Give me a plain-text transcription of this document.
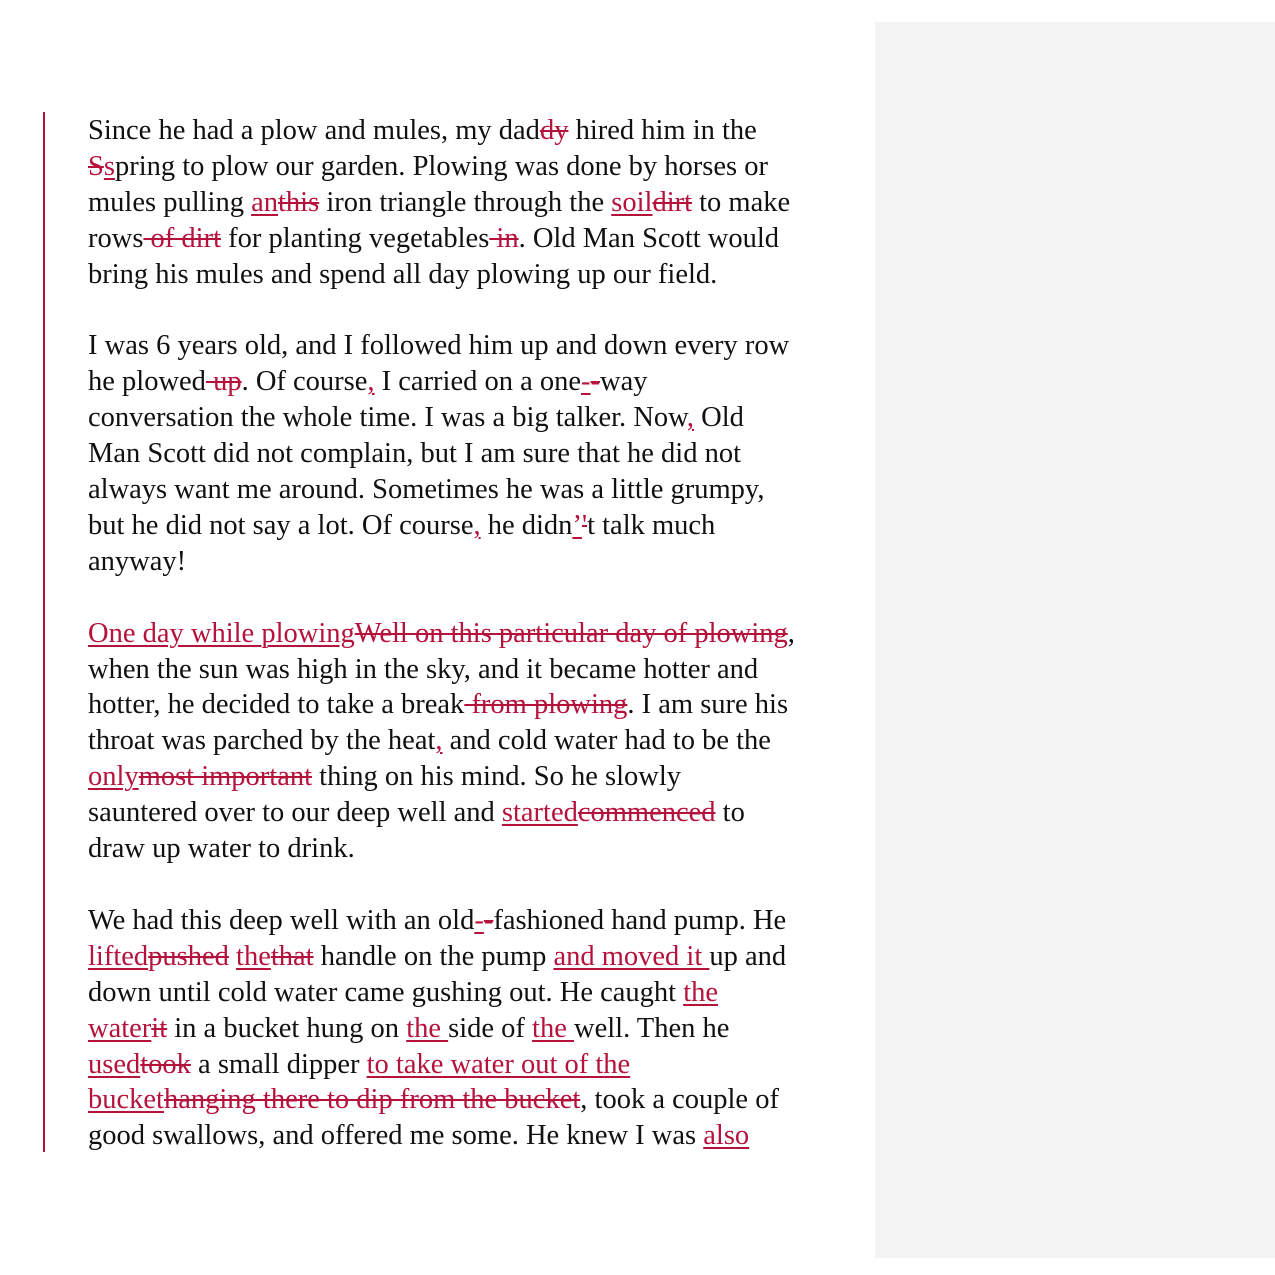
Since he had a plow and mules, my daddy hired him in the
Sspring to plow our garden. Plowing was done by horses or
mules pulling anthis iron triangle through the soildirt to make
rows of dirt for planting vegetables in. Old Man Scott would
bring his mules and spend all day plowing up our field.
I was 6 years old, and I followed him up and down every row
he plowed up. Of course, I carried on a one--way
conversation the whole time. I was a big talker. Now, Old
Man Scott did not complain, but I am sure that he did not
always want me around. Sometimes he was a little grumpy,
but he did not say a lot. Of course, he didn’'t talk much
anyway!
One day while plowingWell on this particular day of plowing,
when the sun was high in the sky, and it became hotter and
hotter, he decided to take a break from plowing. I am sure his
throat was parched by the heat, and cold water had to be the
onlymost important thing on his mind. So he slowly
sauntered over to our deep well and startedcommenced to
draw up water to drink.
We had this deep well with an old--fashioned hand pump. He
liftedpushed thethat handle on the pump and moved it up and
down until cold water came gushing out. He caught the
waterit in a bucket hung on the side of the well. Then he
usedtook a small dipper to take water out of the
buckethanging there to dip from the bucket, took a couple of
good swallows, and offered me some. He knew I was also
